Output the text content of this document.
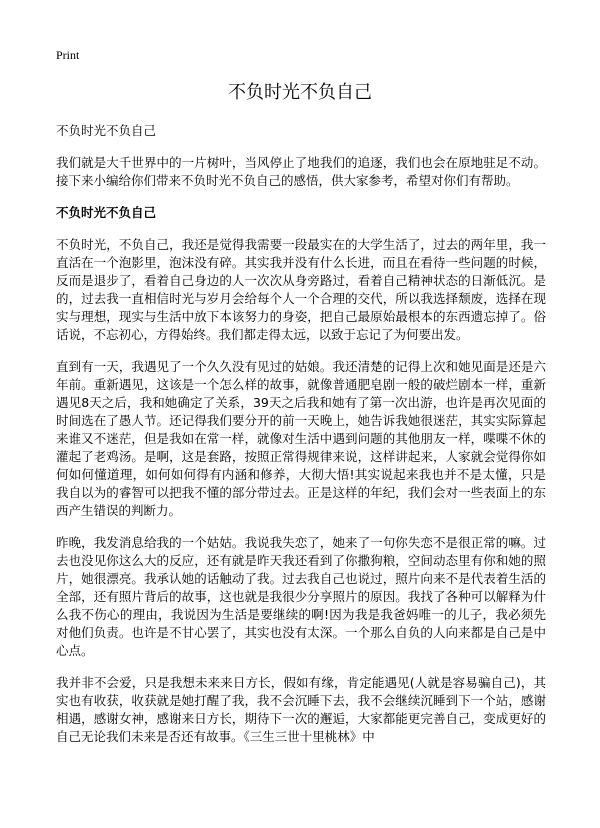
Print
不负时光不负自己

不负时光不负自己

我们就是大千世界中的一片树叶，当风停止了地我们的追逐，我们也会在原地驻足不动。接下来小编给你们带来不负时光不负自己的感悟，供大家参考，希望对你们有帮助。

不负时光不负自己

不负时光，不负自己，我还是觉得我需要一段最实在的大学生活了，过去的两年里，我一直活在一个泡影里，泡沫没有碎。其实我并没有什么长进，而且在看待一些问题的时候，反而是退步了，看着自己身边的人一次次从身旁路过，看着自己精神状态的日渐低沉。是的，过去我一直相信时光与岁月会给每个人一个合理的交代，所以我选择颓废，选择在现实与理想，现实与生活中放下本该努力的身姿，把自己最原始最根本的东西遗忘掉了。俗话说，不忘初心，方得始终。我们都走得太远，以致于忘记了为何要出发。

直到有一天，我遇见了一个久久没有见过的姑娘。我还清楚的记得上次和她见面是还是六年前。重新遇见，这该是一个怎么样的故事，就像普通肥皂剧一般的破烂剧本一样，重新遇见8天之后，我和她确定了关系，39天之后我和她有了第一次出游，也许是再次见面的时间选在了愚人节。还记得我们要分开的前一天晚上，她告诉我她很迷茫，其实实际算起来谁又不迷茫，但是我如在常一样，就像对生活中遇到问题的其他朋友一样，喋喋不休的灌起了老鸡汤。是啊，这是套路，按照正常得规律来说，这样讲起来，人家就会觉得你如何如何懂道理，如何如何得有内涵和修养，大彻大悟!其实说起来我也并不是太懂，只是我自以为的睿智可以把我不懂的部分带过去。正是这样的年纪，我们会对一些表面上的东西产生错误的判断力。

昨晚，我发消息给我的一个姑姑。我说我失恋了，她来了一句你失恋不是很正常的嘛。过去也没见你这么大的反应，还有就是昨天我还看到了你撒狗粮，空间动态里有你和她的照片，她很漂亮。我承认她的话触动了我。过去我自己也说过，照片向来不是代表着生活的全部，还有照片背后的故事，这也就是我很少分享照片的原因。我找了各种可以解释为什么我不伤心的理由，我说因为生活是要继续的啊!因为我是我爸妈唯一的儿子，我必须先对他们负责。也许是不甘心罢了，其实也没有太深。一个那么自负的人向来都是自己是中心点。

我并非不会爱，只是我想未来来日方长，假如有缘，肯定能遇见(人就是容易骗自己)，其实也有收获，收获就是她打醒了我，我不会沉睡下去，我不会继续沉睡到下一个站，感谢相遇，感谢女神，感谢来日方长，期待下一次的邂逅，大家都能更完善自己，变成更好的自己无论我们未来是否还有故事。《三生三世十里桃林》中
